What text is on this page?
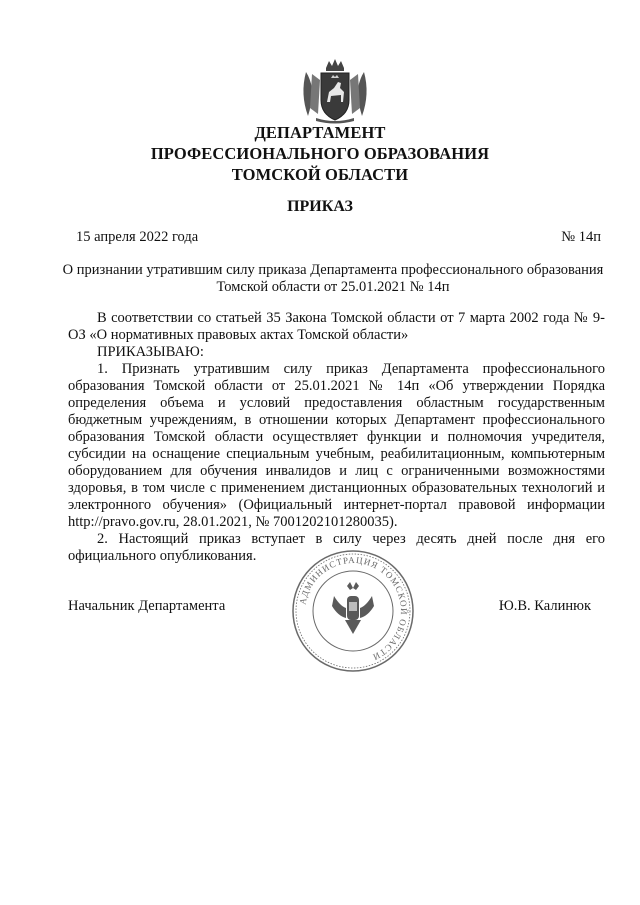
ДЕПАРТАМЕНТ
ПРОФЕССИОНАЛЬНОГО ОБРАЗОВАНИЯ
ТОМСКОЙ ОБЛАСТИ
ПРИКАЗ
15 апреля 2022 года	№ 14п
О признании утратившим силу приказа Департамента профессионального образования
Томской области от 25.01.2021 № 14п

В соответствии со статьей 35 Закона Томской области от 7 марта 2002 года № 9-ОЗ «О нормативных правовых актах Томской области»

ПРИКАЗЫВАЮ:

1. Признать утратившим силу приказ Департамента профессионального образования Томской области от 25.01.2021 № 14п «Об утверждении Порядка определения объема и условий предоставления областным государственным бюджетным учреждениям, в отношении которых Департамент профессионального образования Томской области осуществляет функции и полномочия учредителя, субсидии на оснащение специальным учебным, реабилитационным, компьютерным оборудованием для обучения инвалидов и лиц с ограниченными возможностями здоровья, в том числе с применением дистанционных образовательных технологий и электронного обучения» (Официальный интернет-портал правовой информации http://pravo.gov.ru, 28.01.2021, № 7001202101280035).

2. Настоящий приказ вступает в силу через десять дней после дня его официального опубликования.

Начальник Департамента	Ю.В. Калинюк
АДМИНИСТРАЦИЯ ТОМСКОЙ ОБЛАСТИ
